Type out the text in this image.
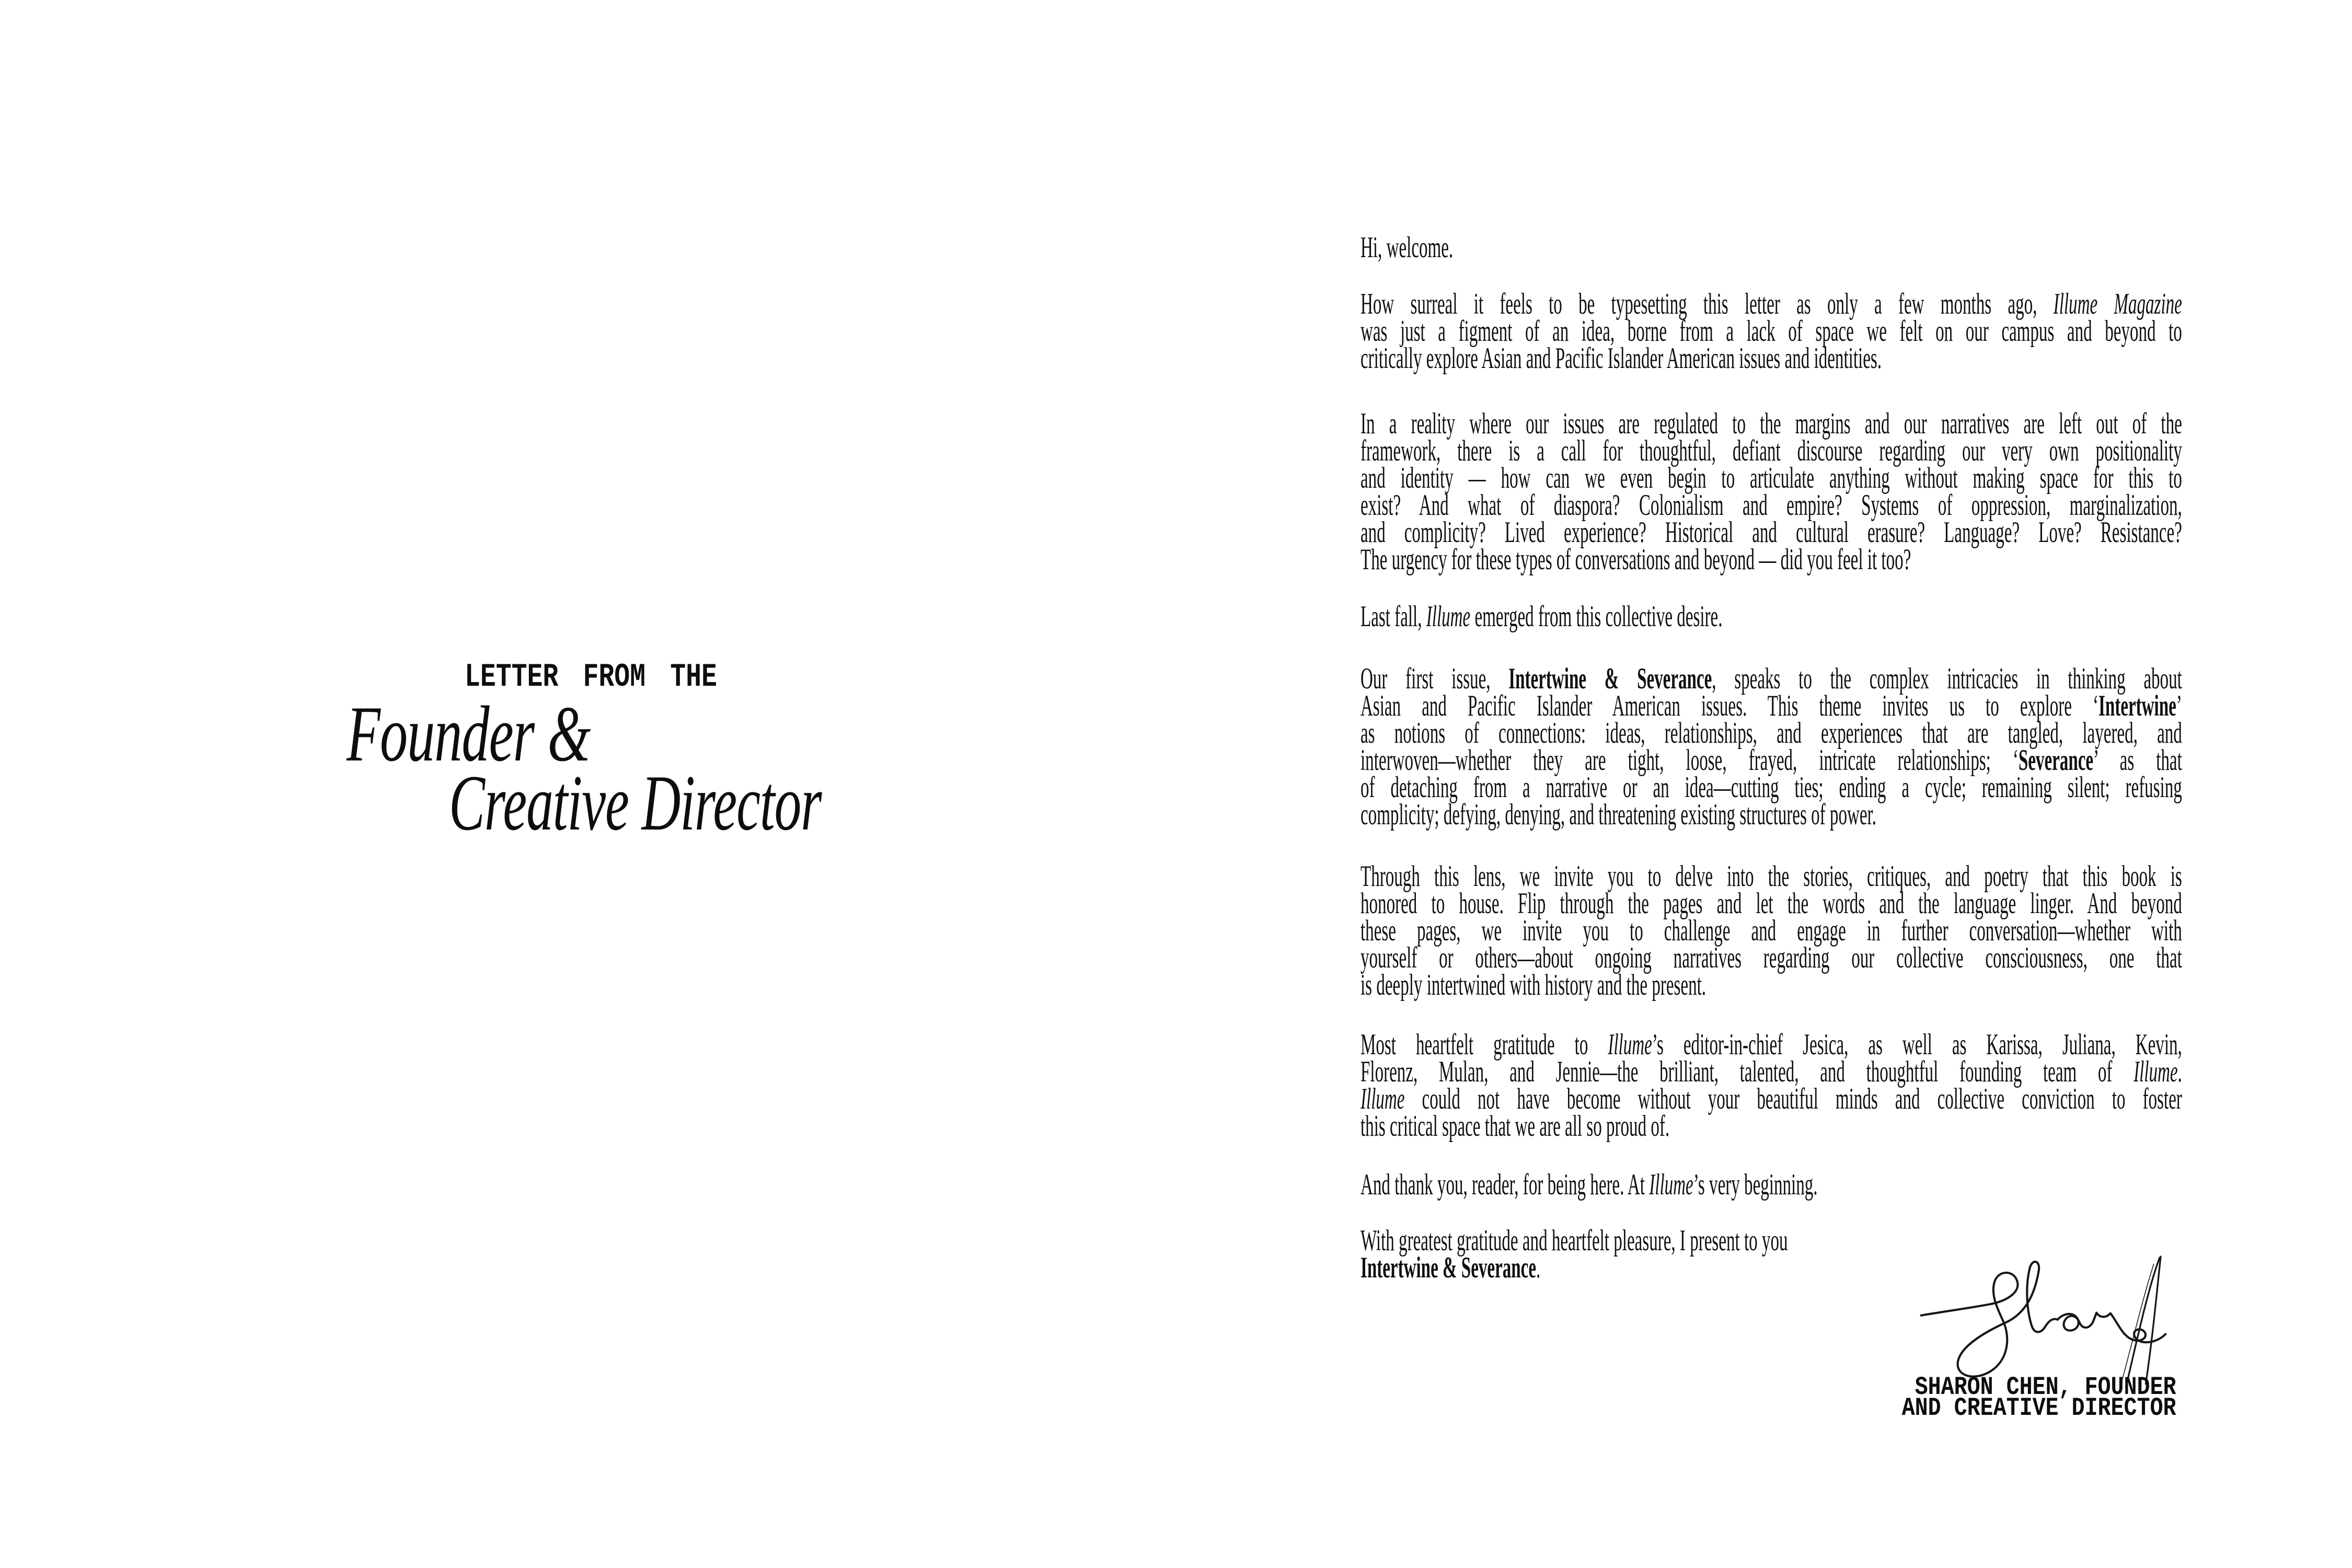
LETTER FROM THE
Founder &
Creative Director
Hi, welcome.
How surreal it feels to be typesetting this letter as only a few months ago, Illume Magazine
was just a figment of an idea, borne from a lack of space we felt on our campus and beyond to
critically explore Asian and Pacific Islander American issues and identities.
In a reality where our issues are regulated to the margins and our narratives are left out of the
framework, there is a call for thoughtful, defiant discourse regarding our very own positionality
and identity — how can we even begin to articulate anything without making space for this to
exist? And what of diaspora? Colonialism and empire? Systems of oppression, marginalization,
and complicity? Lived experience? Historical and cultural erasure? Language? Love? Resistance?
The urgency for these types of conversations and beyond — did you feel it too?
Last fall, Illume emerged from this collective desire.
Our first issue, Intertwine & Severance, speaks to the complex intricacies in thinking about
Asian and Pacific Islander American issues. This theme invites us to explore ‘Intertwine’
as notions of connections: ideas, relationships, and experiences that are tangled, layered, and
interwoven—whether they are tight, loose, frayed, intricate relationships; ‘Severance’ as that
of detaching from a narrative or an idea—cutting ties; ending a cycle; remaining silent; refusing
complicity; defying, denying, and threatening existing structures of power.
Through this lens, we invite you to delve into the stories, critiques, and poetry that this book is
honored to house. Flip through the pages and let the words and the language linger. And beyond
these pages, we invite you to challenge and engage in further conversation—whether with
yourself or others—about ongoing narratives regarding our collective consciousness, one that
is deeply intertwined with history and the present.
Most heartfelt gratitude to Illume’s editor-in-chief Jesica, as well as Karissa, Juliana, Kevin,
Florenz, Mulan, and Jennie—the brilliant, talented, and thoughtful founding team of Illume.
Illume could not have become without your beautiful minds and collective conviction to foster
this critical space that we are all so proud of.
And thank you, reader, for being here. At Illume’s very beginning.
With greatest gratitude and heartfelt pleasure, I present to you
Intertwine & Severance.
SHARON CHEN, FOUNDER
AND CREATIVE DIRECTOR
